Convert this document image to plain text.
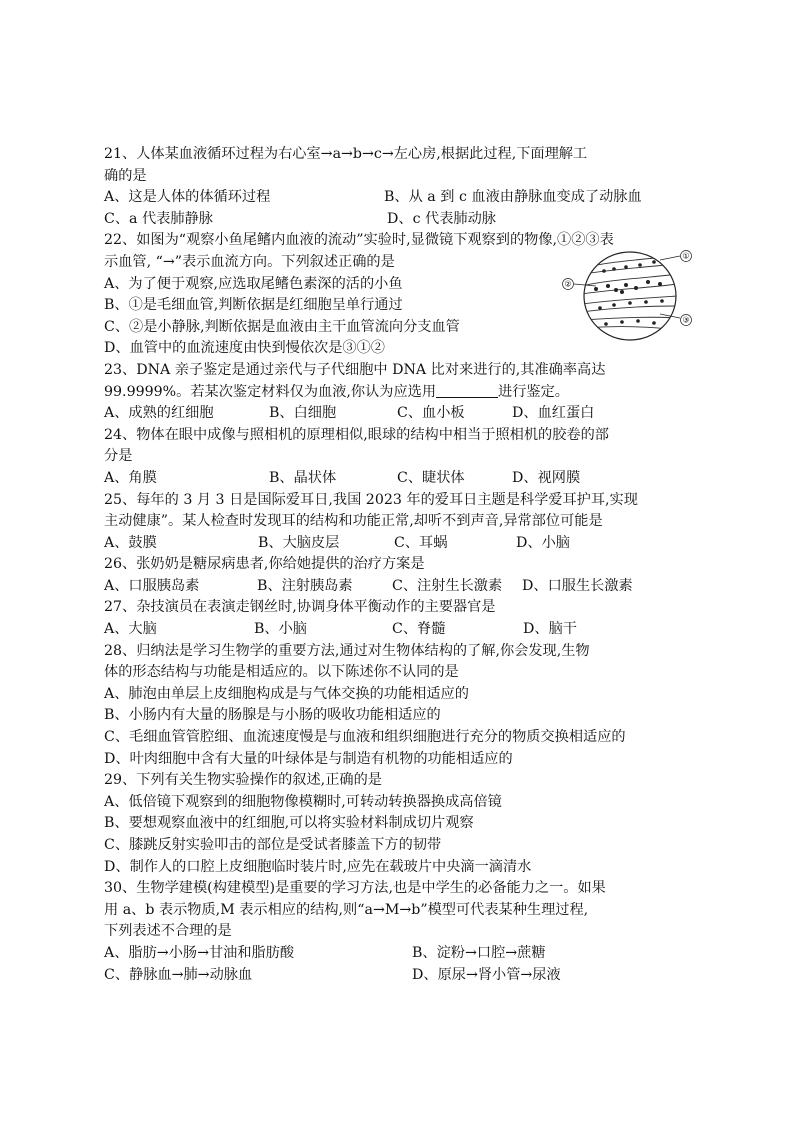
21、人体某血液循环过程为右心室→a→b→c→左心房,根据此过程,下面理解工
确的是
A、这是人体的体循环过程	B、从 a 到 c 血液由静脉血变成了动脉血
C、a 代表肺静脉	D、c 代表肺动脉
22、如图为“观察小鱼尾鳍内血液的流动”实验时,显微镜下观察到的物像,①②③表
示血管, “→”表示血流方向。下列叙述正确的是
A、为了便于观察,应选取尾鳍色素深的活的小鱼
B、①是毛细血管,判断依据是红细胞呈单行通过
C、②是小静脉,判断依据是血液由主干血管流向分支血管
D、血管中的血流速度由快到慢依次是③①②
23、DNA 亲子鉴定是通过亲代与子代细胞中 DNA 比对来进行的,其准确率高达
99.9999%。若某次鉴定材料仅为血液,你认为应选用	进行鉴定。
A、成熟的红细胞	B、白细胞	C、血小板	D、血红蛋白
24、物体在眼中成像与照相机的原理相似,眼球的结构中相当于照相机的胶卷的部
分是
A、角膜	B、晶状体	C、睫状体	D、视网膜
25、每年的 3 月 3 日是国际爱耳日,我国 2023 年的爱耳日主题是科学爱耳护耳,实现
主动健康”。某人检查时发现耳的结构和功能正常,却听不到声音,异常部位可能是
A、鼓膜	B、大脑皮层	C、耳蜗	D、小脑
26、张奶奶是糖尿病患者,你给她提供的治疗方案是
A、口服胰岛素	B、注射胰岛素	C、注射生长激素 D、口服生长激素
27、杂技演员在表演走钢丝时,协调身体平衡动作的主要器官是
A、大脑	B、小脑	C、脊髓	D、脑干
28、归纳法是学习生物学的重要方法,通过对生物体结构的了解,你会发现,生物
体的形态结构与功能是相适应的。以下陈述你不认同的是
A、肺泡由单层上皮细胞构成是与气体交换的功能相适应的
B、小肠内有大量的肠腺是与小肠的吸收功能相适应的
C、毛细血管管腔细、血流速度慢是与血液和组织细胞进行充分的物质交换相适应的
D、叶肉细胞中含有大量的叶绿体是与制造有机物的功能相适应的
29、下列有关生物实验操作的叙述,正确的是
A、低倍镜下观察到的细胞物像模糊时,可转动转换器换成高倍镜
B、要想观察血液中的红细胞,可以将实验材料制成切片观察
C、膝跳反射实验叩击的部位是受试者膝盖下方的韧带
D、制作人的口腔上皮细胞临时装片时,应先在载玻片中央滴一滴清水
30、生物学建模(构建模型)是重要的学习方法,也是中学生的必备能力之一。如果
用 a、b 表示物质,M 表示相应的结构,则“a→M→b”模型可代表某种生理过程,
下列表述不合理的是
A、脂肪→小肠→甘油和脂肪酸	B、淀粉→口腔→蔗糖
C、静脉血→肺→动脉血	D、原尿→肾小管→尿液
①
②
③
